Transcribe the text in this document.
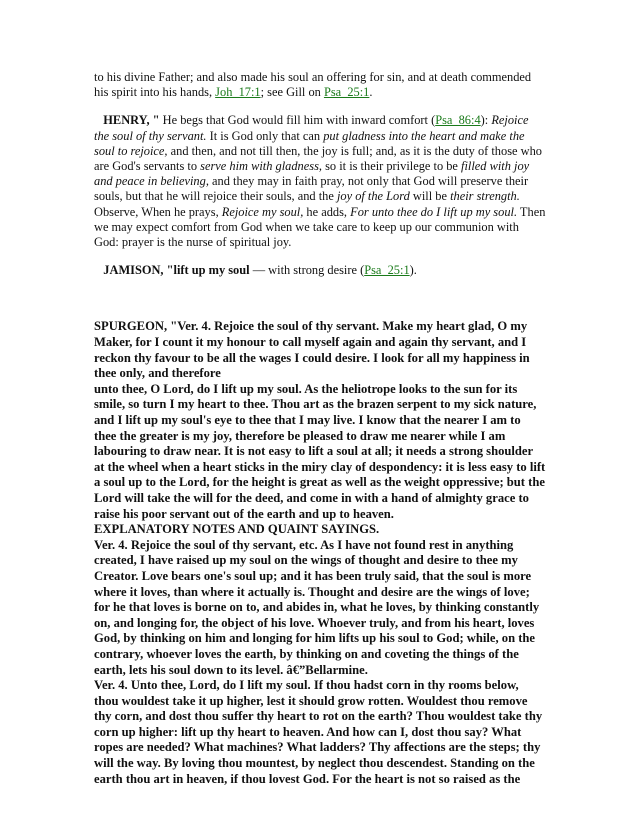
to his divine Father; and also made his soul an offering for sin, and at death commended his spirit into his hands, Joh_17:1; see Gill on Psa_25:1.

HENRY, " He begs that God would fill him with inward comfort (Psa_86:4): Rejoice the soul of thy servant. It is God only that can put gladness into the heart and make the soul to rejoice, and then, and not till then, the joy is full; and, as it is the duty of those who are God's servants to serve him with gladness, so it is their privilege to be filled with joy and peace in believing, and they may in faith pray, not only that God will preserve their souls, but that he will rejoice their souls, and the joy of the Lord will be their strength. Observe, When he prays, Rejoice my soul, he adds, For unto thee do I lift up my soul. Then we may expect comfort from God when we take care to keep up our communion with God: prayer is the nurse of spiritual joy.

JAMISON, "lift up my soul — with strong desire (Psa_25:1).

SPURGEON, "Ver. 4. Rejoice the soul of thy servant. Make my heart glad, O my Maker, for I count it my honour to call myself again and again thy servant, and I reckon thy favour to be all the wages I could desire. I look for all my happiness in thee only, and therefore

unto thee, O Lord, do I lift up my soul. As the heliotrope looks to the sun for its smile, so turn I my heart to thee. Thou art as the brazen serpent to my sick nature, and I lift up my soul's eye to thee that I may live. I know that the nearer I am to thee the greater is my joy, therefore be pleased to draw me nearer while I am labouring to draw near. It is not easy to lift a soul at all; it needs a strong shoulder at the wheel when a heart sticks in the miry clay of despondency: it is less easy to lift a soul up to the Lord, for the height is great as well as the weight oppressive; but the Lord will take the will for the deed, and come in with a hand of almighty grace to raise his poor servant out of the earth and up to heaven.

EXPLANATORY NOTES AND QUAINT SAYINGS.

Ver. 4. Rejoice the soul of thy servant, etc. As I have not found rest in anything created, I have raised up my soul on the wings of thought and desire to thee my Creator. Love bears one's soul up; and it has been truly said, that the soul is more where it loves, than where it actually is. Thought and desire are the wings of love; for he that loves is borne on to, and abides in, what he loves, by thinking constantly on, and longing for, the object of his love. Whoever truly, and from his heart, loves God, by thinking on him and longing for him lifts up his soul to God; while, on the contrary, whoever loves the earth, by thinking on and coveting the things of the earth, lets his soul down to its level. â€”Bellarmine.

Ver. 4. Unto thee, Lord, do I lift my soul. If thou hadst corn in thy rooms below, thou wouldest take it up higher, lest it should grow rotten. Wouldest thou remove thy corn, and dost thou suffer thy heart to rot on the earth? Thou wouldest take thy corn up higher: lift up thy heart to heaven. And how can I, dost thou say? What ropes are needed? What machines? What ladders? Thy affections are the steps; thy will the way. By loving thou mountest, by neglect thou descendest. Standing on the earth thou art in heaven, if thou lovest God. For the heart is not so raised as the
